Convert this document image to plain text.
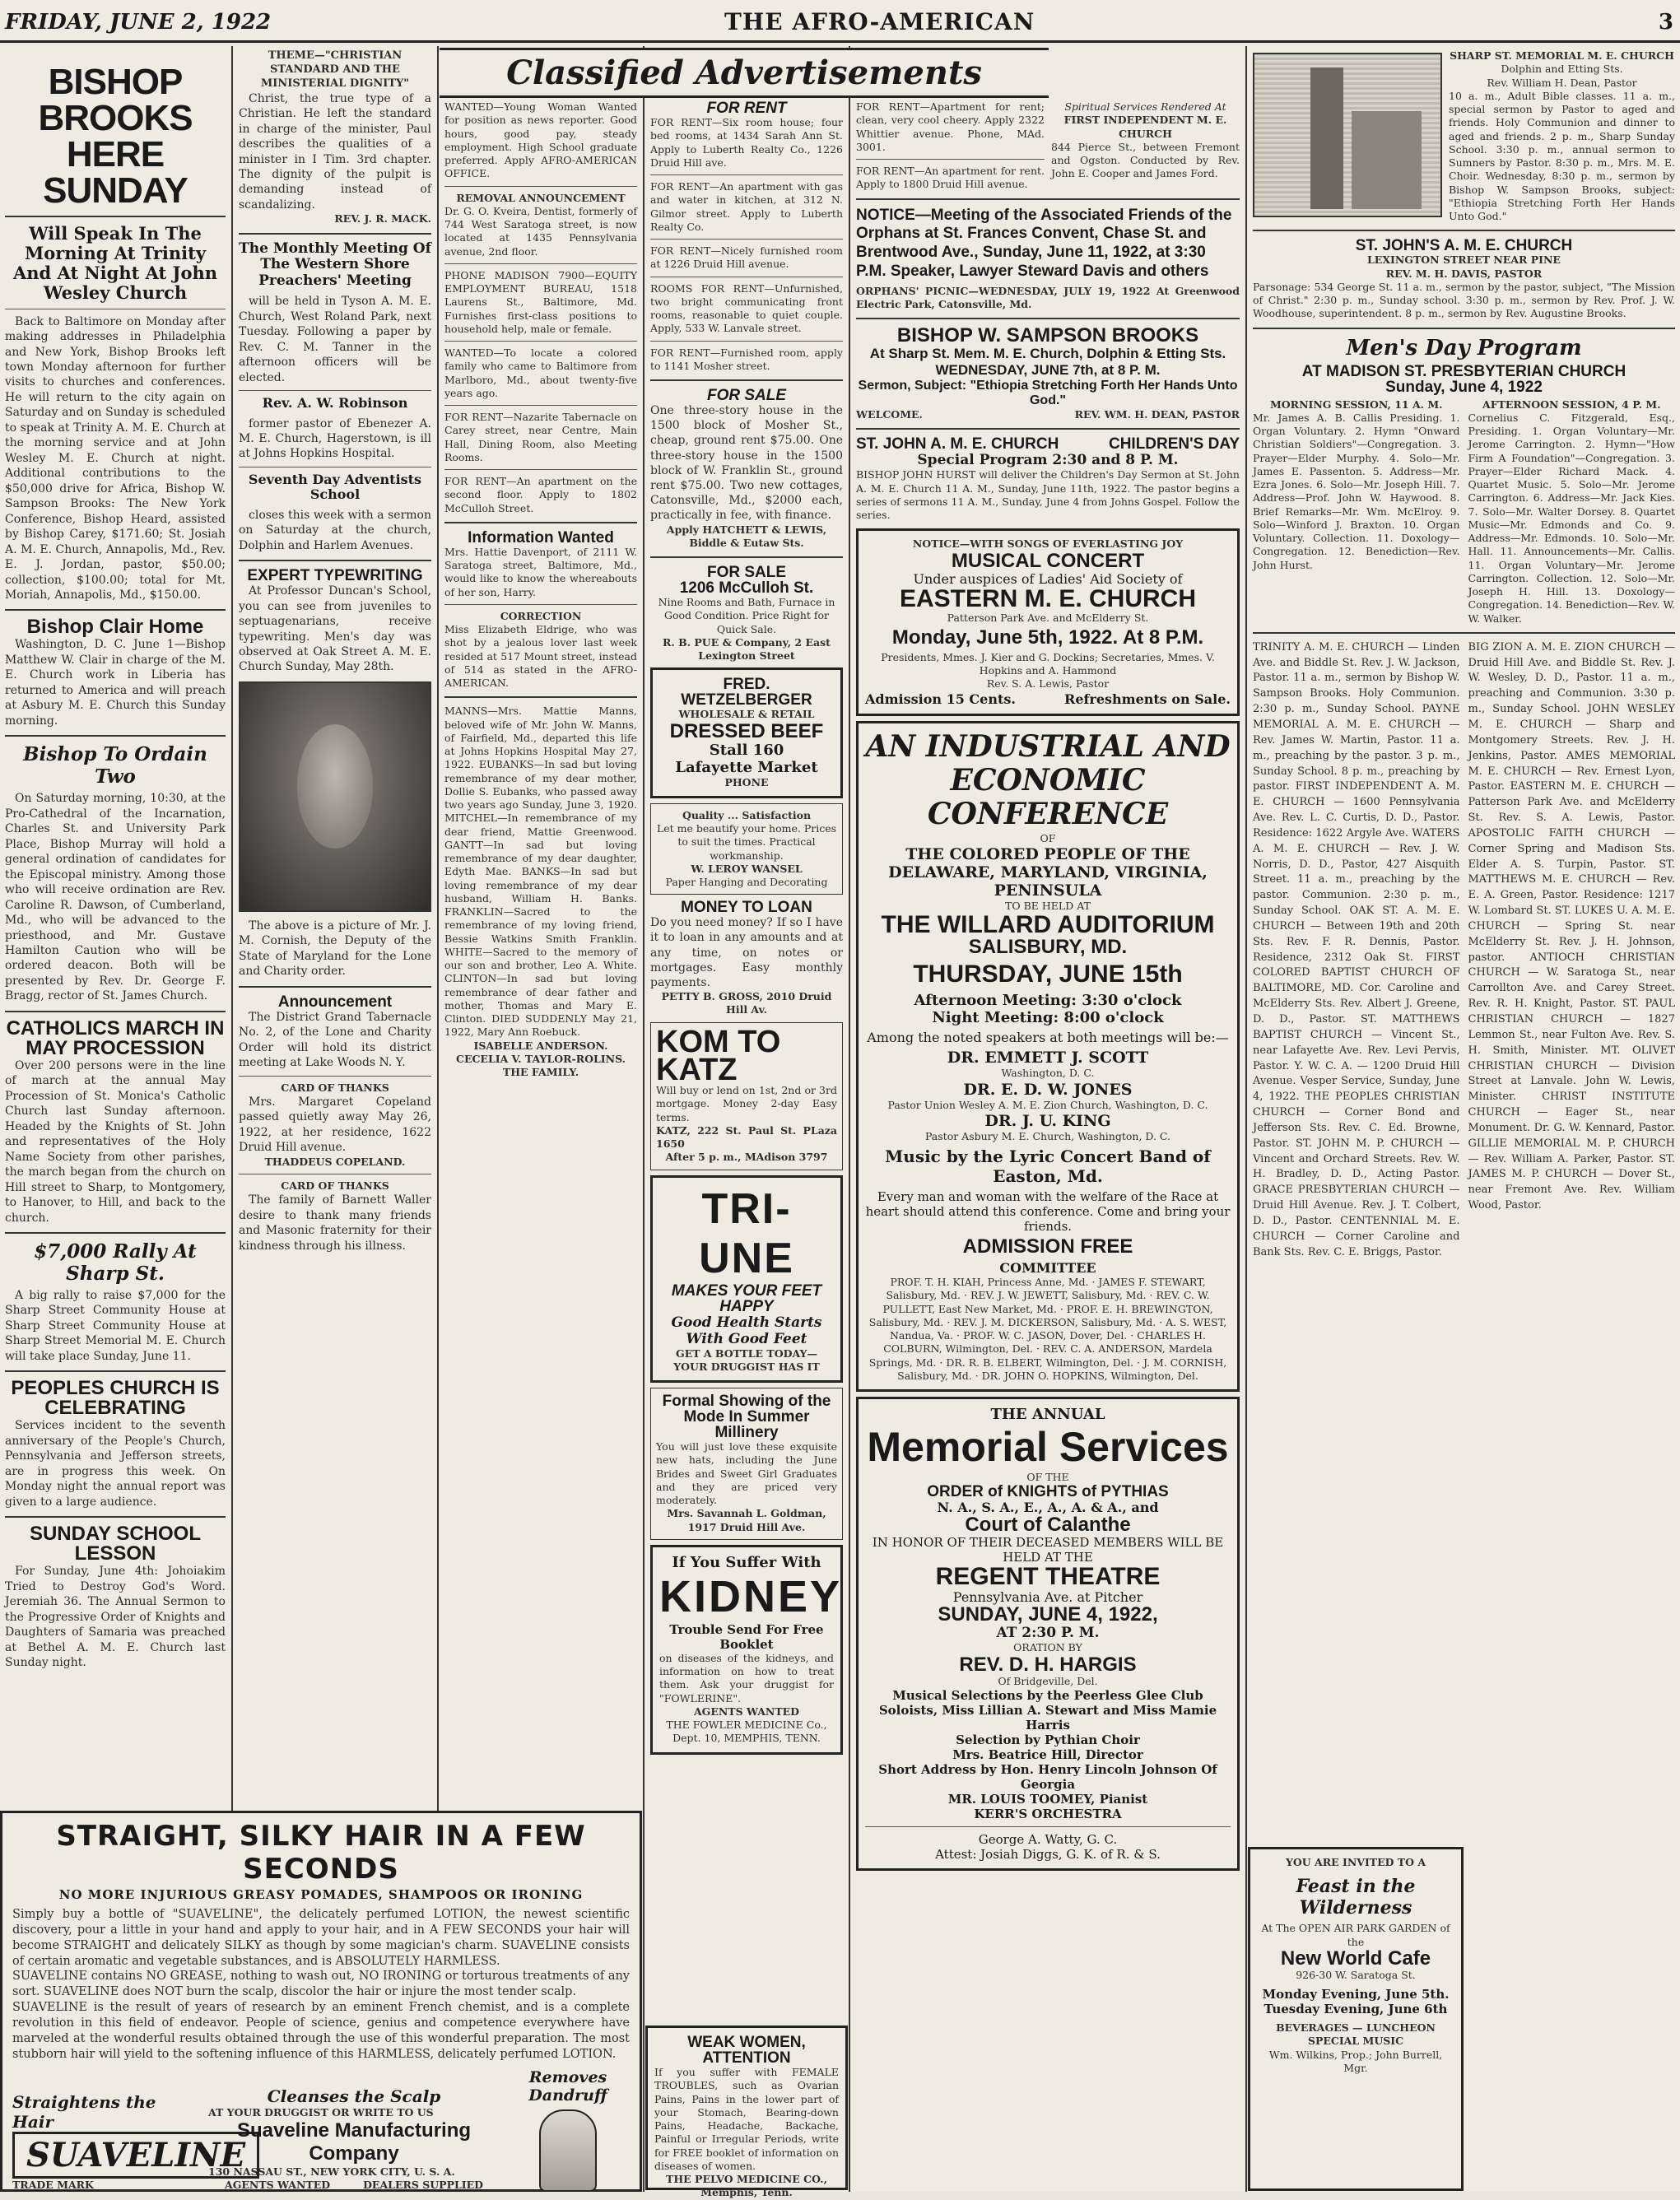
FRIDAY, JUNE 2, 1922	THE AFRO-AMERICAN	3
BISHOP BROOKS HERE SUNDAY
Will Speak In The Morning At Trinity And At Night At John Wesley Church

Back to Baltimore on Monday after making addresses in Philadelphia and New York, Bishop Brooks left town Monday afternoon for further visits to churches and conferences. He will return to the city again on Saturday and on Sunday is scheduled to speak at Trinity A. M. E. Church at the morning service and at John Wesley M. E. Church at night. Additional contributions to the $50,000 drive for Africa, Bishop W. Sampson Brooks: The New York Conference, Bishop Heard, assisted by Bishop Carey, $171.60; St. Josiah A. M. E. Church, Annapolis, Md., Rev. E. J. Jordan, pastor, $50.00; collection, $100.00; total for Mt. Moriah, Annapolis, Md., $150.00.

Bishop Clair Home

Washington, D. C. June 1—Bishop Matthew W. Clair in charge of the M. E. Church work in Liberia has returned to America and will preach at Asbury M. E. Church this Sunday morning.

Bishop To Ordain Two

On Saturday morning, 10:30, at the Pro-Cathedral of the Incarnation, Charles St. and University Park Place, Bishop Murray will hold a general ordination of candidates for the Episcopal ministry. Among those who will receive ordination are Rev. Caroline R. Dawson, of Cumberland, Md., who will be advanced to the priesthood, and Mr. Gustave Hamilton Caution who will be ordered deacon. Both will be presented by Rev. Dr. George F. Bragg, rector of St. James Church.

CATHOLICS MARCH IN MAY PROCESSION

Over 200 persons were in the line of march at the annual May Procession of St. Monica's Catholic Church last Sunday afternoon. Headed by the Knights of St. John and representatives of the Holy Name Society from other parishes, the march began from the church on Hill street to Sharp, to Montgomery, to Hanover, to Hill, and back to the church.

$7,000 Rally At Sharp St.

A big rally to raise $7,000 for the Sharp Street Community House at Sharp Street Community House at Sharp Street Memorial M. E. Church will take place Sunday, June 11.

PEOPLES CHURCH IS CELEBRATING

Services incident to the seventh anniversary of the People's Church, Pennsylvania and Jefferson streets, are in progress this week. On Monday night the annual report was given to a large audience.

SUNDAY SCHOOL LESSON

For Sunday, June 4th: Johoiakim Tried to Destroy God's Word. Jeremiah 36. The Annual Sermon to the Progressive Order of Knights and Daughters of Samaria was preached at Bethel A. M. E. Church last Sunday night.

THEME—"CHRISTIAN STANDARD AND THE MINISTERIAL DIGNITY"

Christ, the true type of a Christian. He left the standard in charge of the minister, Paul describes the qualities of a minister in I Tim. 3rd chapter. The dignity of the pulpit is demanding instead of scandalizing.

REV. J. R. MACK.
The Monthly Meeting Of The Western Shore Preachers' Meeting

will be held in Tyson A. M. E. Church, West Roland Park, next Tuesday. Following a paper by Rev. C. M. Tanner in the afternoon officers will be elected.

Rev. A. W. Robinson

former pastor of Ebenezer A. M. E. Church, Hagerstown, is ill at Johns Hopkins Hospital.

Seventh Day Adventists School

closes this week with a sermon on Saturday at the church, Dolphin and Harlem Avenues.

EXPERT TYPEWRITING

At Professor Duncan's School, you can see from juveniles to septuagenarians, receive typewriting. Men's day was observed at Oak Street A. M. E. Church Sunday, May 28th.

The above is a picture of Mr. J. M. Cornish, the Deputy of the State of Maryland for the Lone and Charity order.

Announcement

The District Grand Tabernacle No. 2, of the Lone and Charity Order will hold its district meeting at Lake Woods N. Y.

CARD OF THANKS

Mrs. Margaret Copeland passed quietly away May 26, 1922, at her residence, 1622 Druid Hill avenue.

THADDEUS COPELAND.
CARD OF THANKS

The family of Barnett Waller desire to thank many friends and Masonic fraternity for their kindness through his illness.

Classified Advertisements

WANTED—Young Woman Wanted for position as news reporter. Good hours, good pay, steady employment. High School graduate preferred. Apply AFRO-AMERICAN OFFICE.

REMOVAL ANNOUNCEMENT

Dr. G. O. Kveira, Dentist, formerly of 744 West Saratoga street, is now located at 1435 Pennsylvania avenue, 2nd floor.

PHONE MADISON 7900—EQUITY EMPLOYMENT BUREAU, 1518 Laurens St., Baltimore, Md. Furnishes first-class positions to household help, male or female.

WANTED—To locate a colored family who came to Baltimore from Marlboro, Md., about twenty-five years ago.

FOR RENT—Nazarite Tabernacle on Carey street, near Centre, Main Hall, Dining Room, also Meeting Rooms.

FOR RENT—An apartment on the second floor. Apply to 1802 McCulloh Street.

Information Wanted

Mrs. Hattie Davenport, of 2111 W. Saratoga street, Baltimore, Md., would like to know the whereabouts of her son, Harry.

CORRECTION

Miss Elizabeth Eldrige, who was shot by a jealous lover last week resided at 517 Mount street, instead of 514 as stated in the AFRO-AMERICAN.

MANNS—Mrs. Mattie Manns, beloved wife of Mr. John W. Manns, of Fairfield, Md., departed this life at Johns Hopkins Hospital May 27, 1922. EUBANKS—In sad but loving remembrance of my dear mother, Dollie S. Eubanks, who passed away two years ago Sunday, June 3, 1920. MITCHEL—In remembrance of my dear friend, Mattie Greenwood. GANTT—In sad but loving remembrance of my dear daughter, Edyth Mae. BANKS—In sad but loving remembrance of my dear husband, William H. Banks. FRANKLIN—Sacred to the remembrance of my loving friend, Bessie Watkins Smith Franklin. WHITE—Sacred to the memory of our son and brother, Leo A. White. CLINTON—In sad but loving remembrance of dear father and mother, Thomas and Mary E. Clinton. DIED SUDDENLY May 21, 1922, Mary Ann Roebuck.

ISABELLE ANDERSON.
CECELIA V. TAYLOR-ROLINS.
THE FAMILY.
FOR RENT

FOR RENT—Six room house; four bed rooms, at 1434 Sarah Ann St. Apply to Luberth Realty Co., 1226 Druid Hill ave.

FOR RENT—An apartment with gas and water in kitchen, at 312 N. Gilmor street. Apply to Luberth Realty Co.

FOR RENT—Nicely furnished room at 1226 Druid Hill avenue.

ROOMS FOR RENT—Unfurnished, two bright communicating front rooms, reasonable to quiet couple. Apply, 533 W. Lanvale street.

FOR RENT—Furnished room, apply to 1141 Mosher street.

FOR SALE

One three-story house in the 1500 block of Mosher St., cheap, ground rent $75.00. One three-story house in the 1500 block of W. Franklin St., ground rent $75.00. Two new cottages, Catonsville, Md., $2000 each, practically in fee, with finance.

Apply HATCHETT & LEWIS, Biddle & Eutaw Sts.
FOR SALE
1206 McCulloh St.

Nine Rooms and Bath, Furnace in Good Condition. Price Right for Quick Sale.

R. B. PUE & Company, 2 East Lexington Street
FRED. WETZELBERGER
WHOLESALE & RETAIL
DRESSED BEEF
Stall 160
Lafayette Market
PHONE
Quality ... Satisfaction

Let me beautify your home. Prices to suit the times. Practical workmanship.

W. LEROY WANSEL
Paper Hanging and Decorating
MONEY TO LOAN

Do you need money? If so I have it to loan in any amounts and at any time, on notes or mortgages. Easy monthly payments.

PETTY B. GROSS, 2010 Druid Hill Av.
KOM TO KATZ

Will buy or lend on 1st, 2nd or 3rd mortgage. Money 2-day Easy terms.

KATZ, 222 St. Paul St. PLaza 1650
After 5 p. m., MAdison 3797
TRI-UNE
MAKES YOUR FEET HAPPY
Good Health Starts With Good Feet
GET A BOTTLE TODAY— YOUR DRUGGIST HAS IT
Formal Showing of the Mode In Summer Millinery

You will just love these exquisite new hats, including the June Brides and Sweet Girl Graduates and they are priced very moderately.

Mrs. Savannah L. Goldman, 1917 Druid Hill Ave.
If You Suffer With
KIDNEY
Trouble Send For Free Booklet

on diseases of the kidneys, and information on how to treat them. Ask your druggist for "FOWLERINE".

AGENTS WANTED
THE FOWLER MEDICINE Co., Dept. 10, MEMPHIS, TENN.

FOR RENT—Apartment for rent; clean, very cool cheery. Apply 2322 Whittier avenue. Phone, MAd. 3001.

FOR RENT—An apartment for rent. Apply to 1800 Druid Hill avenue.

Spiritual Services Rendered At
FIRST INDEPENDENT M. E. CHURCH

844 Pierce St., between Fremont and Ogston. Conducted by Rev. John E. Cooper and James Ford.

NOTICE—Meeting of the Associated Friends of the Orphans at St. Frances Convent, Chase St. and Brentwood Ave., Sunday, June 11, 1922, at 3:30 P.M. Speaker, Lawyer Steward Davis and others
ORPHANS' PICNIC—WEDNESDAY, JULY 19, 1922 At Greenwood Electric Park, Catonsville, Md.
BISHOP W. SAMPSON BROOKS
At Sharp St. Mem. M. E. Church, Dolphin & Etting Sts.
WEDNESDAY, JUNE 7th, at 8 P. M.
Sermon, Subject: "Ethiopia Stretching Forth Her Hands Unto God."
WELCOME.	REV. WM. H. DEAN, PASTOR
ST. JOHN A. M. E. CHURCH	CHILDREN'S DAY
Special Program 2:30 and 8 P. M.

BISHOP JOHN HURST will deliver the Children's Day Sermon at St. John A. M. E. Church 11 A. M., Sunday, June 11th, 1922. The pastor begins a series of sermons 11 A. M., Sunday, June 4 from Johns Gospel. Follow the series.

NOTICE—WITH SONGS OF EVERLASTING JOY
MUSICAL CONCERT
Under auspices of Ladies' Aid Society of
EASTERN M. E. CHURCH
Patterson Park Ave. and McElderry St.
Monday, June 5th, 1922. At 8 P.M.
Presidents, Mmes. J. Kier and G. Dockins; Secretaries, Mmes. V. Hopkins and A. Hammond
Rev. S. A. Lewis, Pastor
Admission 15 Cents.	Refreshments on Sale.
AN INDUSTRIAL AND ECONOMIC CONFERENCE
OF
THE COLORED PEOPLE OF THE DELAWARE, MARYLAND, VIRGINIA, PENINSULA
TO BE HELD AT
THE WILLARD AUDITORIUM
SALISBURY, MD.
THURSDAY, JUNE 15th
Afternoon Meeting: 3:30 o'clock
Night Meeting: 8:00 o'clock
Among the noted speakers at both meetings will be:—
DR. EMMETT J. SCOTT
Washington, D. C.
DR. E. D. W. JONES
Pastor Union Wesley A. M. E. Zion Church, Washington, D. C.
DR. J. U. KING
Pastor Asbury M. E. Church, Washington, D. C.
Music by the Lyric Concert Band of Easton, Md.
Every man and woman with the welfare of the Race at heart should attend this conference. Come and bring your friends.
ADMISSION FREE
COMMITTEE

PROF. T. H. KIAH, Princess Anne, Md. · JAMES F. STEWART, Salisbury, Md. · REV. J. W. JEWETT, Salisbury, Md. · REV. C. W. PULLETT, East New Market, Md. · PROF. E. H. BREWINGTON, Salisbury, Md. · REV. J. M. DICKERSON, Salisbury, Md. · A. S. WEST, Nandua, Va. · PROF. W. C. JASON, Dover, Del. · CHARLES H. COLBURN, Wilmington, Del. · REV. C. A. ANDERSON, Mardela Springs, Md. · DR. R. B. ELBERT, Wilmington, Del. · J. M. CORNISH, Salisbury, Md. · DR. JOHN O. HOPKINS, Wilmington, Del.

THE ANNUAL
Memorial Services
OF THE
ORDER of KNIGHTS of PYTHIAS
N. A., S. A., E., A., A. & A., and
Court of Calanthe
IN HONOR OF THEIR DECEASED MEMBERS WILL BE HELD AT THE
REGENT THEATRE
Pennsylvania Ave. at Pitcher
SUNDAY, JUNE 4, 1922,
AT 2:30 P. M.
ORATION BY
REV. D. H. HARGIS
Of Bridgeville, Del.
Musical Selections by the Peerless Glee Club
Soloists, Miss Lillian A. Stewart and Miss Mamie Harris
Selection by Pythian Choir
Mrs. Beatrice Hill, Director
Short Address by Hon. Henry Lincoln Johnson Of Georgia
MR. LOUIS TOOMEY, Pianist
KERR'S ORCHESTRA
George A. Watty, G. C.
Attest: Josiah Diggs, G. K. of R. & S.
WEAK WOMEN, ATTENTION

If you suffer with FEMALE TROUBLES, such as Ovarian Pains, Pains in the lower part of your Stomach, Bearing-down Pains, Headache, Backache, Painful or Irregular Periods, write for FREE booklet of information on diseases of women.

THE PELVO MEDICINE CO., Memphis, Tenn.
SHARP ST. MEMORIAL M. E. CHURCH
Dolphin and Etting Sts.
Rev. William H. Dean, Pastor

10 a. m., Adult Bible classes. 11 a. m., special sermon by Pastor to aged and friends. Holy Communion and dinner to aged and friends. 2 p. m., Sharp Sunday School. 3:30 p. m., annual sermon to Sumners by Pastor. 8:30 p. m., Mrs. M. E. Choir. Wednesday, 8:30 p. m., sermon by Bishop W. Sampson Brooks, subject: "Ethiopia Stretching Forth Her Hands Unto God."

ST. JOHN'S A. M. E. CHURCH
LEXINGTON STREET NEAR PINE
REV. M. H. DAVIS, PASTOR

Parsonage: 534 George St. 11 a. m., sermon by the pastor, subject, "The Mission of Christ." 2:30 p. m., Sunday school. 3:30 p. m., sermon by Rev. Prof. J. W. Woodhouse, superintendent. 8 p. m., sermon by Rev. Augustine Brooks.

Men's Day Program
AT MADISON ST. PRESBYTERIAN CHURCH
Sunday, June 4, 1922
MORNING SESSION, 11 A. M.

Mr. James A. B. Callis Presiding. 1. Organ Voluntary. 2. Hymn "Onward Christian Soldiers"—Congregation. 3. Prayer—Elder Murphy. 4. Solo—Mr. James E. Passenton. 5. Address—Mr. Ezra Jones. 6. Solo—Mr. Joseph Hill. 7. Address—Prof. John W. Haywood. 8. Brief Remarks—Mr. Wm. McElroy. 9. Solo—Winford J. Braxton. 10. Organ Voluntary. Collection. 11. Doxology—Congregation. 12. Benediction—Rev. John Hurst.

AFTERNOON SESSION, 4 P. M.

Cornelius C. Fitzgerald, Esq., Presiding. 1. Organ Voluntary—Mr. Jerome Carrington. 2. Hymn—"How Firm A Foundation"—Congregation. 3. Prayer—Elder Richard Mack. 4. Quartet Music. 5. Solo—Mr. Jerome Carrington. 6. Address—Mr. Jack Kies. 7. Solo—Mr. Walter Dorsey. 8. Quartet Music—Mr. Edmonds and Co. 9. Address—Mr. Edmonds. 10. Solo—Mr. Hall. 11. Announcements—Mr. Callis. 11. Organ Voluntary—Mr. Jerome Carrington. Collection. 12. Solo—Mr. Joseph H. Hill. 13. Doxology—Congregation. 14. Benediction—Rev. W. W. Walker.

TRINITY A. M. E. CHURCH — Linden Ave. and Biddle St. Rev. J. W. Jackson, Pastor. 11 a. m., sermon by Bishop W. Sampson Brooks. Holy Communion. 2:30 p. m., Sunday School. PAYNE MEMORIAL A. M. E. CHURCH — Rev. James W. Martin, Pastor. 11 a. m., preaching by the pastor. 3 p. m., Sunday School. 8 p. m., preaching by pastor. FIRST INDEPENDENT A. M. E. CHURCH — 1600 Pennsylvania Ave. Rev. L. C. Curtis, D. D., Pastor. Residence: 1622 Argyle Ave. WATERS A. M. E. CHURCH — Rev. J. W. Norris, D. D., Pastor, 427 Aisquith Street. 11 a. m., preaching by the pastor. Communion. 2:30 p. m., Sunday School. OAK ST. A. M. E. CHURCH — Between 19th and 20th Sts. Rev. F. R. Dennis, Pastor. Residence, 2312 Oak St. FIRST COLORED BAPTIST CHURCH OF BALTIMORE, MD. Cor. Caroline and McElderry Sts. Rev. Albert J. Greene, D. D., Pastor. ST. MATTHEWS BAPTIST CHURCH — Vincent St., near Lafayette Ave. Rev. Levi Pervis, Pastor. Y. W. C. A. — 1200 Druid Hill Avenue. Vesper Service, Sunday, June 4, 1922. THE PEOPLES CHRISTIAN CHURCH — Corner Bond and Jefferson Sts. Rev. C. Ed. Browne, Pastor. ST. JOHN M. P. CHURCH — Vincent and Orchard Streets. Rev. W. H. Bradley, D. D., Acting Pastor. GRACE PRESBYTERIAN CHURCH — Druid Hill Avenue. Rev. J. T. Colbert, D. D., Pastor. CENTENNIAL M. E. CHURCH — Corner Caroline and Bank Sts. Rev. C. E. Briggs, Pastor.

BIG ZION A. M. E. ZION CHURCH — Druid Hill Ave. and Biddle St. Rev. J. W. Wesley, D. D., Pastor. 11 a. m., preaching and Communion. 3:30 p. m., Sunday School. JOHN WESLEY M. E. CHURCH — Sharp and Montgomery Streets. Rev. J. H. Jenkins, Pastor. AMES MEMORIAL M. E. CHURCH — Rev. Ernest Lyon, Pastor. EASTERN M. E. CHURCH — Patterson Park Ave. and McElderry St. Rev. S. A. Lewis, Pastor. APOSTOLIC FAITH CHURCH — Corner Spring and Madison Sts. Elder A. S. Turpin, Pastor. ST. MATTHEWS M. E. CHURCH — Rev. E. A. Green, Pastor. Residence: 1217 W. Lombard St. ST. LUKES U. A. M. E. CHURCH — Spring St. near McElderry St. Rev. J. H. Johnson, pastor. ANTIOCH CHRISTIAN CHURCH — W. Saratoga St., near Carrollton Ave. and Carey Street. Rev. R. H. Knight, Pastor. ST. PAUL CHRISTIAN CHURCH — 1827 Lemmon St., near Fulton Ave. Rev. S. H. Smith, Minister. MT. OLIVET CHRISTIAN CHURCH — Division Street at Lanvale. John W. Lewis, Minister. CHRIST INSTITUTE CHURCH — Eager St., near Monument. Dr. G. W. Kennard, Pastor. GILLIE MEMORIAL M. P. CHURCH — Rev. William A. Parker, Pastor. ST. JAMES M. P. CHURCH — Dover St., near Fremont Ave. Rev. William Wood, Pastor.

YOU ARE INVITED TO A
Feast in the Wilderness
At The OPEN AIR PARK GARDEN of the
New World Cafe
926-30 W. Saratoga St.
Monday Evening, June 5th. Tuesday Evening, June 6th
BEVERAGES — LUNCHEON
SPECIAL MUSIC
Wm. Wilkins, Prop.; John Burrell, Mgr.
STRAIGHT, SILKY HAIR IN A FEW SECONDS
NO MORE INJURIOUS GREASY POMADES, SHAMPOOS OR IRONING

Simply buy a bottle of "SUAVELINE", the delicately perfumed LOTION, the newest scientific discovery, pour a little in your hand and apply to your hair, and in A FEW SECONDS your hair will become STRAIGHT and delicately SILKY as though by some magician's charm. SUAVELINE consists of certain aromatic and vegetable substances, and is ABSOLUTELY HARMLESS.

SUAVELINE contains NO GREASE, nothing to wash out, NO IRONING or torturous treatments of any sort. SUAVELINE does NOT burn the scalp, discolor the hair or injure the most tender scalp.

SUAVELINE is the result of years of research by an eminent French chemist, and is a complete revolution in this field of endeavor. People of science, genius and competence everywhere have marveled at the wonderful results obtained through the use of this wonderful preparation. The most stubborn hair will yield to the softening influence of this HARMLESS, delicately perfumed LOTION.

Straightens the Hair
SUAVELINE
TRADE MARK
Cleanses the Scalp
AT YOUR DRUGGIST OR WRITE TO US
Suaveline Manufacturing Company
130 NASSAU ST., NEW YORK CITY, U. S. A.
AGENTS WANTED	DEALERS SUPPLIED
Removes Dandruff
